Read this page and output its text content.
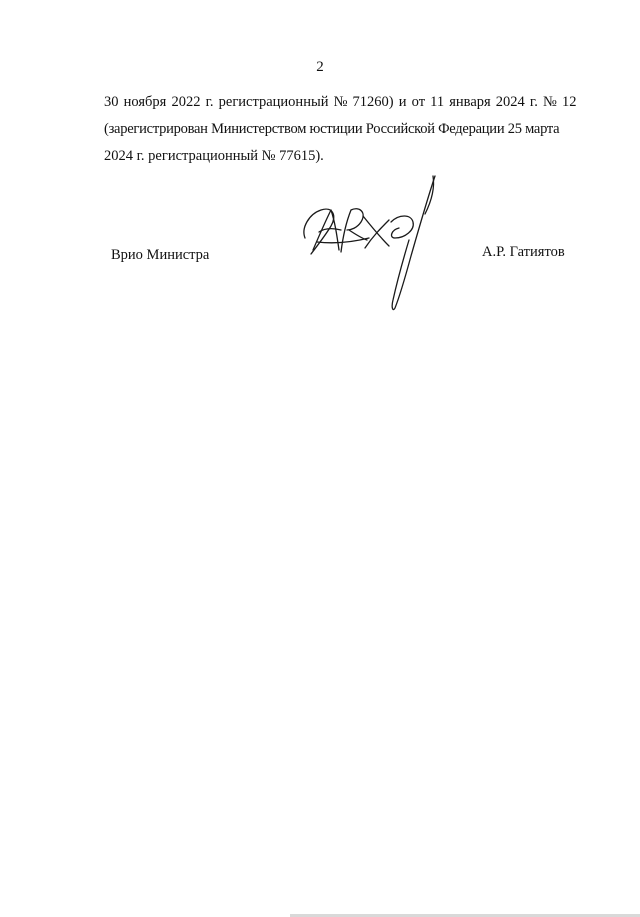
2
30 ноября 2022 г. регистрационный № 71260) и от 11 января 2024 г. № 12
(зарегистрирован Министерством юстиции Российской Федерации 25 марта
2024 г. регистрационный № 77615).
Врио Министра	А.Р. Гатиятов
